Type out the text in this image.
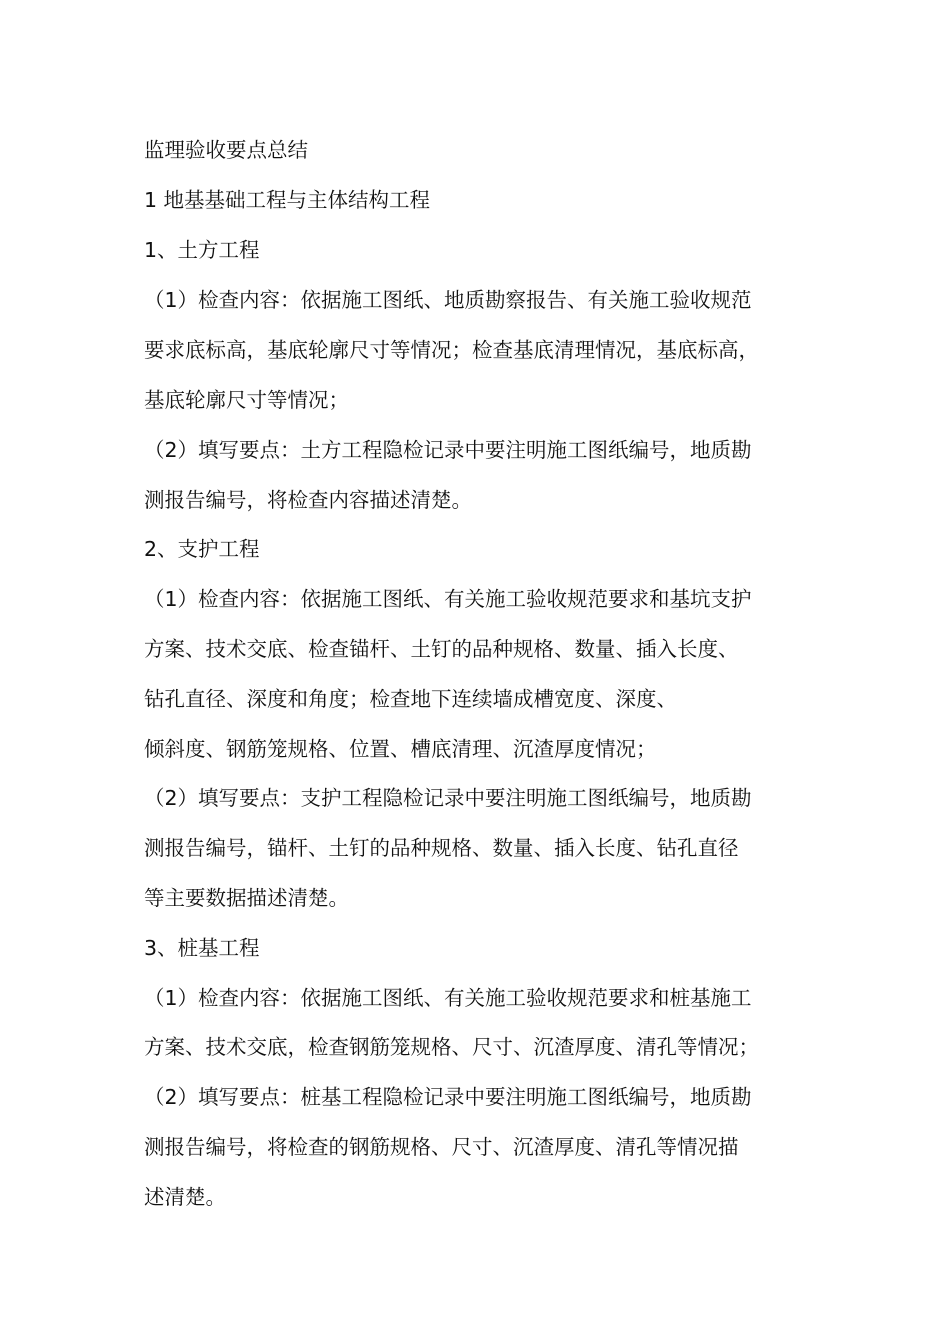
监理验收要点总结
1 地基基础工程与主体结构工程
1、土方工程
（1）检查内容：依据施工图纸、地质勘察报告、有关施工验收规范
要求底标高，基底轮廓尺寸等情况；检查基底清理情况，基底标高，
基底轮廓尺寸等情况；
（2）填写要点：土方工程隐检记录中要注明施工图纸编号，地质勘
测报告编号，将检查内容描述清楚。
2、支护工程
（1）检查内容：依据施工图纸、有关施工验收规范要求和基坑支护
方案、技术交底、检查锚杆、土钉的品种规格、数量、插入长度、
钻孔直径、深度和角度；检查地下连续墙成槽宽度、深度、
倾斜度、钢筋笼规格、位置、槽底清理、沉渣厚度情况；
（2）填写要点：支护工程隐检记录中要注明施工图纸编号，地质勘
测报告编号，锚杆、土钉的品种规格、数量、插入长度、钻孔直径
等主要数据描述清楚。
3、桩基工程
（1）检查内容：依据施工图纸、有关施工验收规范要求和桩基施工
方案、技术交底，检查钢筋笼规格、尺寸、沉渣厚度、清孔等情况；
（2）填写要点：桩基工程隐检记录中要注明施工图纸编号，地质勘
测报告编号，将检查的钢筋规格、尺寸、沉渣厚度、清孔等情况描
述清楚。
